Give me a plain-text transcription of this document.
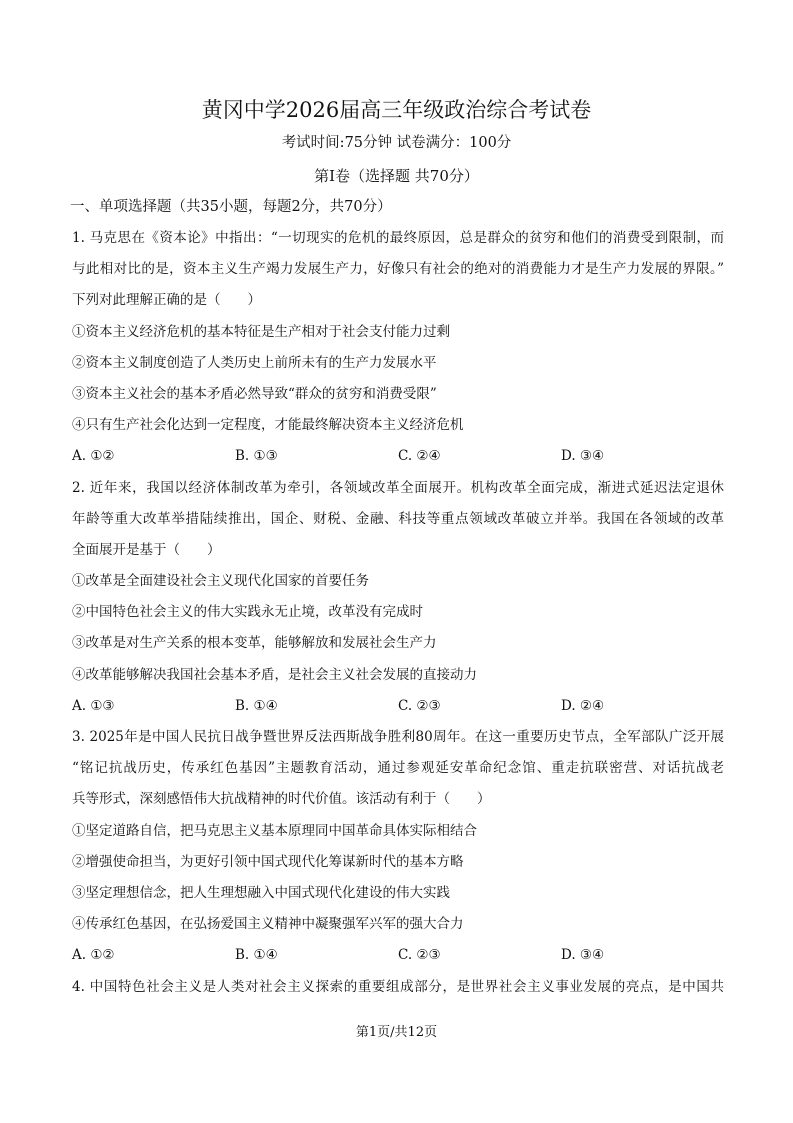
黄冈中学2026届高三年级政治综合考试卷
考试时间:75分钟 试卷满分：100分
第I卷（选择题 共70分）
一、单项选择题（共35小题，每题2分，共70分）
1. 马克思在《资本论》中指出：“一切现实的危机的最终原因，总是群众的贫穷和他们的消费受到限制，而
与此相对比的是，资本主义生产竭力发展生产力，好像只有社会的绝对的消费能力才是生产力发展的界限。”
下列对此理解正确的是（　　）
①资本主义经济危机的基本特征是生产相对于社会支付能力过剩
②资本主义制度创造了人类历史上前所未有的生产力发展水平
③资本主义社会的基本矛盾必然导致“群众的贫穷和消费受限”
④只有生产社会化达到一定程度，才能最终解决资本主义经济危机
A. ①②	B. ①③	C. ②④	D. ③④
2. 近年来，我国以经济体制改革为牵引，各领域改革全面展开。机构改革全面完成，渐进式延迟法定退休
年龄等重大改革举措陆续推出，国企、财税、金融、科技等重点领域改革破立并举。我国在各领域的改革
全面展开是基于（　　）
①改革是全面建设社会主义现代化国家的首要任务
②中国特色社会主义的伟大实践永无止境，改革没有完成时
③改革是对生产关系的根本变革，能够解放和发展社会生产力
④改革能够解决我国社会基本矛盾，是社会主义社会发展的直接动力
A. ①③	B. ①④	C. ②③	D. ②④
3. 2025年是中国人民抗日战争暨世界反法西斯战争胜利80周年。在这一重要历史节点，全军部队广泛开展
“铭记抗战历史，传承红色基因”主题教育活动，通过参观延安革命纪念馆、重走抗联密营、对话抗战老
兵等形式，深刻感悟伟大抗战精神的时代价值。该活动有利于（　　）
①坚定道路自信，把马克思主义基本原理同中国革命具体实际相结合
②增强使命担当，为更好引领中国式现代化筹谋新时代的基本方略
③坚定理想信念，把人生理想融入中国式现代化建设的伟大实践
④传承红色基因，在弘扬爱国主义精神中凝聚强军兴军的强大合力
A. ①②	B. ①④	C. ②③	D. ③④
4. 中国特色社会主义是人类对社会主义探索的重要组成部分，是世界社会主义事业发展的亮点，是中国共
第1页/共12页
